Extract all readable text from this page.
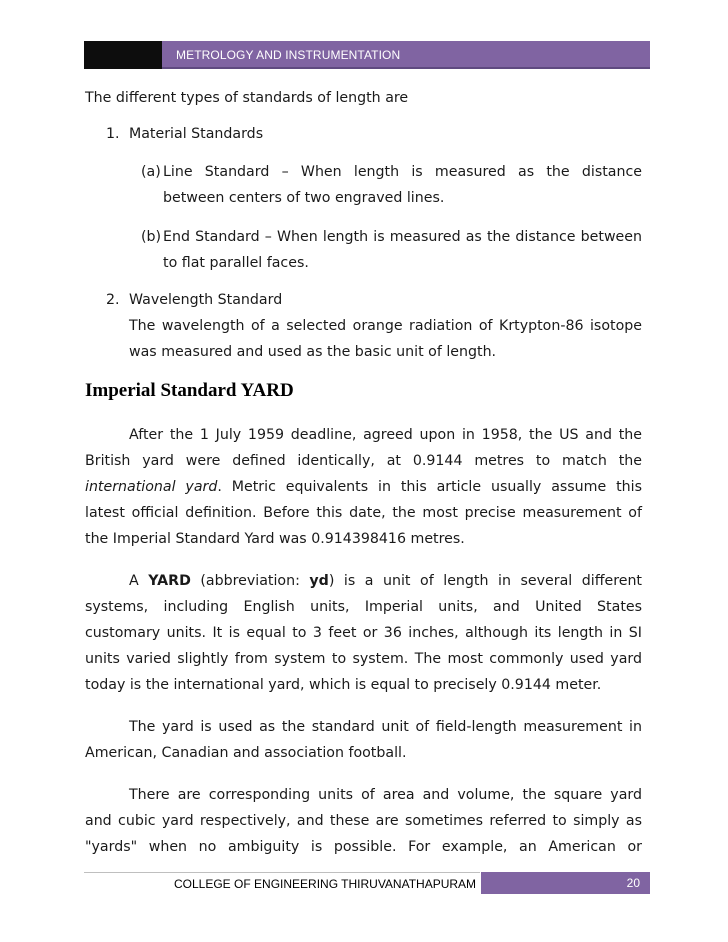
METROLOGY AND INSTRUMENTATION
The different types of standards of length are
1. Material Standards
(a) Line Standard – When length is measured as the distance
between centers of two engraved lines.
(b) End Standard – When length is measured as the distance between
to flat parallel faces.
2. Wavelength Standard
The wavelength of a selected orange radiation of Krtypton-86 isotope
was measured and used as the basic unit of length.
Imperial Standard YARD
After the 1 July 1959 deadline, agreed upon in 1958, the US and the
British yard were defined identically, at 0.9144 metres to match the
international yard. Metric equivalents in this article usually assume this
latest official definition. Before this date, the most precise measurement of
the Imperial Standard Yard was 0.914398416 metres.
A YARD (abbreviation: yd) is a unit of length in several different
systems, including English units, Imperial units, and United States
customary units. It is equal to 3 feet or 36 inches, although its length in SI
units varied slightly from system to system. The most commonly used yard
today is the international yard, which is equal to precisely 0.9144 meter.
The yard is used as the standard unit of field-length measurement in
American, Canadian and association football.
There are corresponding units of area and volume, the square yard
and cubic yard respectively, and these are sometimes referred to simply as
"yards" when no ambiguity is possible. For example, an American or
COLLEGE OF ENGINEERING THIRUVANATHAPURAM	20
